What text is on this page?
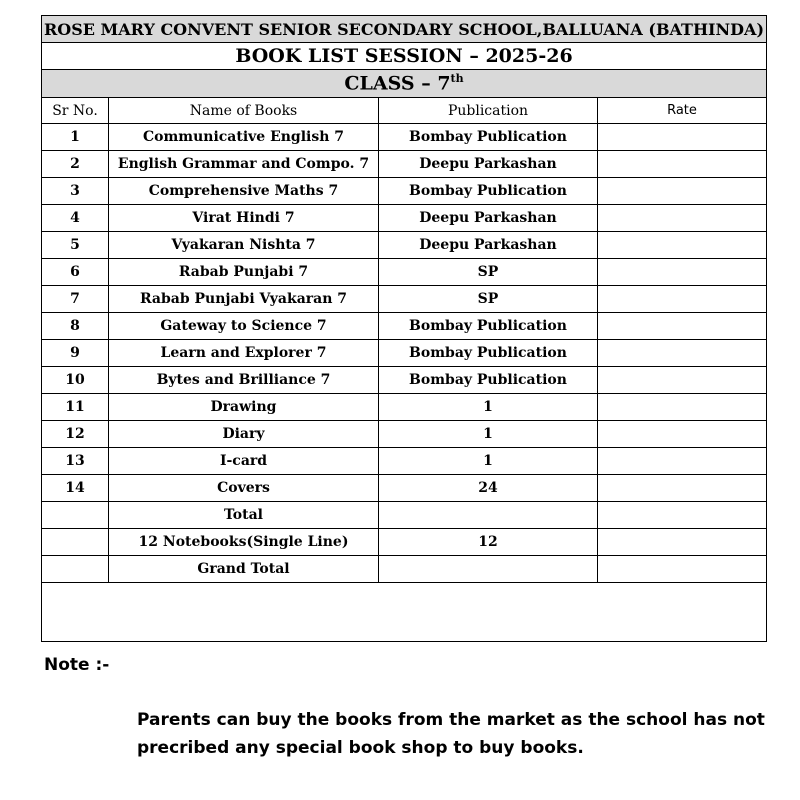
ROSE MARY CONVENT SENIOR SECONDARY SCHOOL,BALLUANA (BATHINDA)			
BOOK LIST SESSION – 2025-26			
CLASS – 7th
Sr No.	Name of Books	Publication	Rate
1	Communicative English 7	Bombay Publication	
2	English Grammar and Compo. 7	Deepu Parkashan	
3	Comprehensive Maths 7	Bombay Publication	
4	Virat Hindi 7	Deepu Parkashan	
5	Vyakaran Nishta 7	Deepu Parkashan	
6	Rabab Punjabi 7	SP	
7	Rabab Punjabi Vyakaran 7	SP	
8	Gateway to Science 7	Bombay Publication	
9	Learn and Explorer 7	Bombay Publication	
10	Bytes and Brilliance 7	Bombay Publication	
11	Drawing	1	
12	Diary	1	
13	I-card	1	
14	Covers	24	
	Total		
	12 Notebooks(Single Line)	12	
	Grand Total		

Note :-
Parents can buy the books from the market as the school has not precribed any special book shop to buy books.
